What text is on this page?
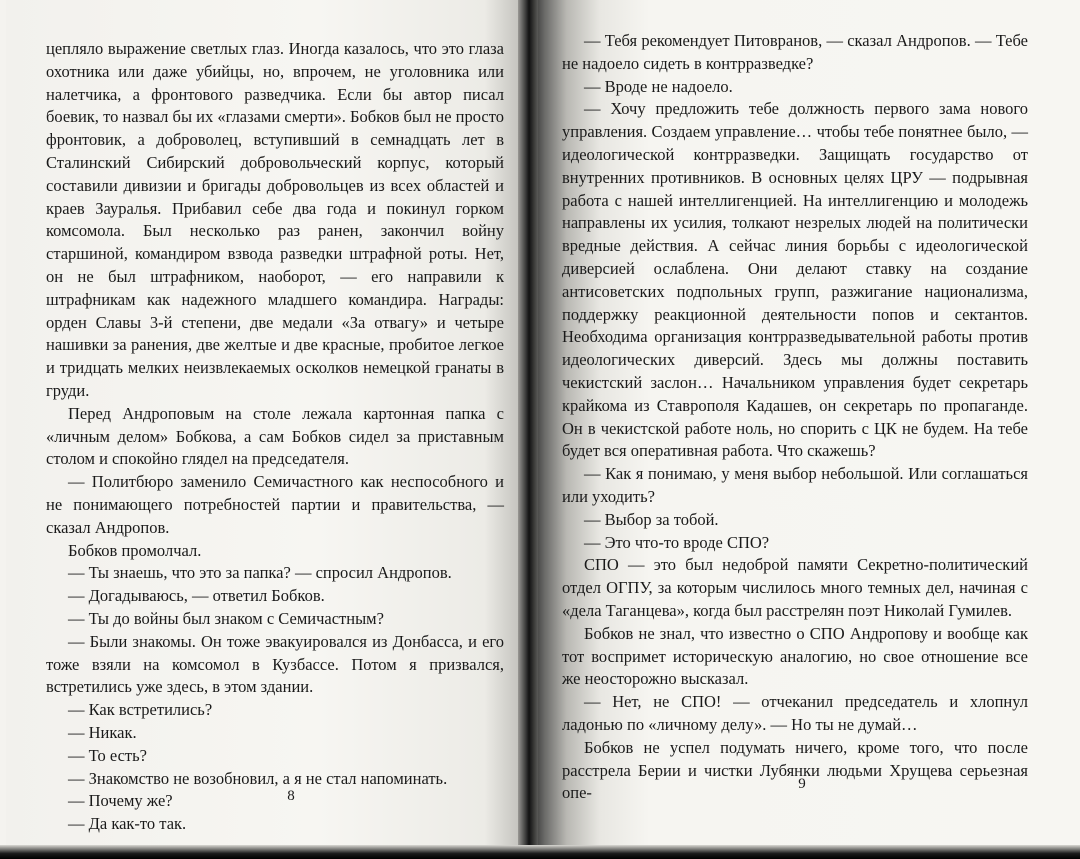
цепляло выражение светлых глаз. Иногда казалось, что это глаза охотника или даже убийцы, но, впрочем, не уголовника или налетчика, а фронтового разведчика. Если бы автор писал боевик, то назвал бы их «глазами смерти». Бобков был не просто фронтовик, а доброволец, вступивший в семнадцать лет в Сталинский Сибирский добровольческий корпус, который составили дивизии и бригады добровольцев из всех областей и краев Зауралья. Прибавил себе два года и покинул горком комсомола. Был несколько раз ранен, закончил войну старшиной, командиром взвода разведки штрафной роты. Нет, он не был штрафником, наоборот, — его направили к штрафникам как надежного младшего командира. Награды: орден Славы 3-й степени, две медали «За отвагу» и четыре нашивки за ранения, две желтые и две красные, пробитое легкое и тридцать мелких неизвлекаемых осколков немецкой гранаты в груди.

Перед Андроповым на столе лежала картонная папка с «личным делом» Бобкова, а сам Бобков сидел за приставным столом и спокойно глядел на председателя.

— Политбюро заменило Семичастного как неспособного и не понимающего потребностей партии и правительства, — сказал Андропов.

Бобков промолчал.

— Ты знаешь, что это за папка? — спросил Андропов.

— Догадываюсь, — ответил Бобков.

— Ты до войны был знаком с Семичастным?

— Были знакомы. Он тоже эвакуировался из Донбасса, и его тоже взяли на комсомол в Кузбассе. Потом я призвался, встретились уже здесь, в этом здании.

— Как встретились?

— Никак.

— То есть?

— Знакомство не возобновил, а я не стал напоминать.

— Почему же?

— Да как-то так.

8

— Тебя рекомендует Питовранов, — сказал Андропов. — Тебе не надоело сидеть в контрразведке?

— Вроде не надоело.

— Хочу предложить тебе должность первого зама нового управления. Создаем управление… чтобы тебе понятнее было, — идеологической контрразведки. Защищать государство от внутренних противников. В основных целях ЦРУ — подрывная работа с нашей интеллигенцией. На интеллигенцию и молодежь направлены их усилия, толкают незрелых людей на политически вредные действия. А сейчас линия борьбы с идеологической диверсией ослаблена. Они делают ставку на создание антисоветских подпольных групп, разжигание национализма, поддержку реакционной деятельности попов и сектантов. Необходима организация контрразведывательной работы против идеологических диверсий. Здесь мы должны поставить чекистский заслон… Начальником управления будет секретарь крайкома из Ставрополя Кадашев, он секретарь по пропаганде. Он в чекистской работе ноль, но спорить с ЦК не будем. На тебе будет вся оперативная работа. Что скажешь?

— Как я понимаю, у меня выбор небольшой. Или соглашаться или уходить?

— Выбор за тобой.

— Это что-то вроде СПО?

СПО — это был недоброй памяти Секретно-политический отдел ОГПУ, за которым числилось много темных дел, начиная с «дела Таганцева», когда был расстрелян поэт Николай Гумилев.

Бобков не знал, что известно о СПО Андропову и вообще как тот воспримет историческую аналогию, но свое отношение все же неосторожно высказал.

— Нет, не СПО! — отчеканил председатель и хлопнул ладонью по «личному делу». — Но ты не думай…

Бобков не успел подумать ничего, кроме того, что после расстрела Берии и чистки Лубянки людьми Хрущева серьезная опе-	9
